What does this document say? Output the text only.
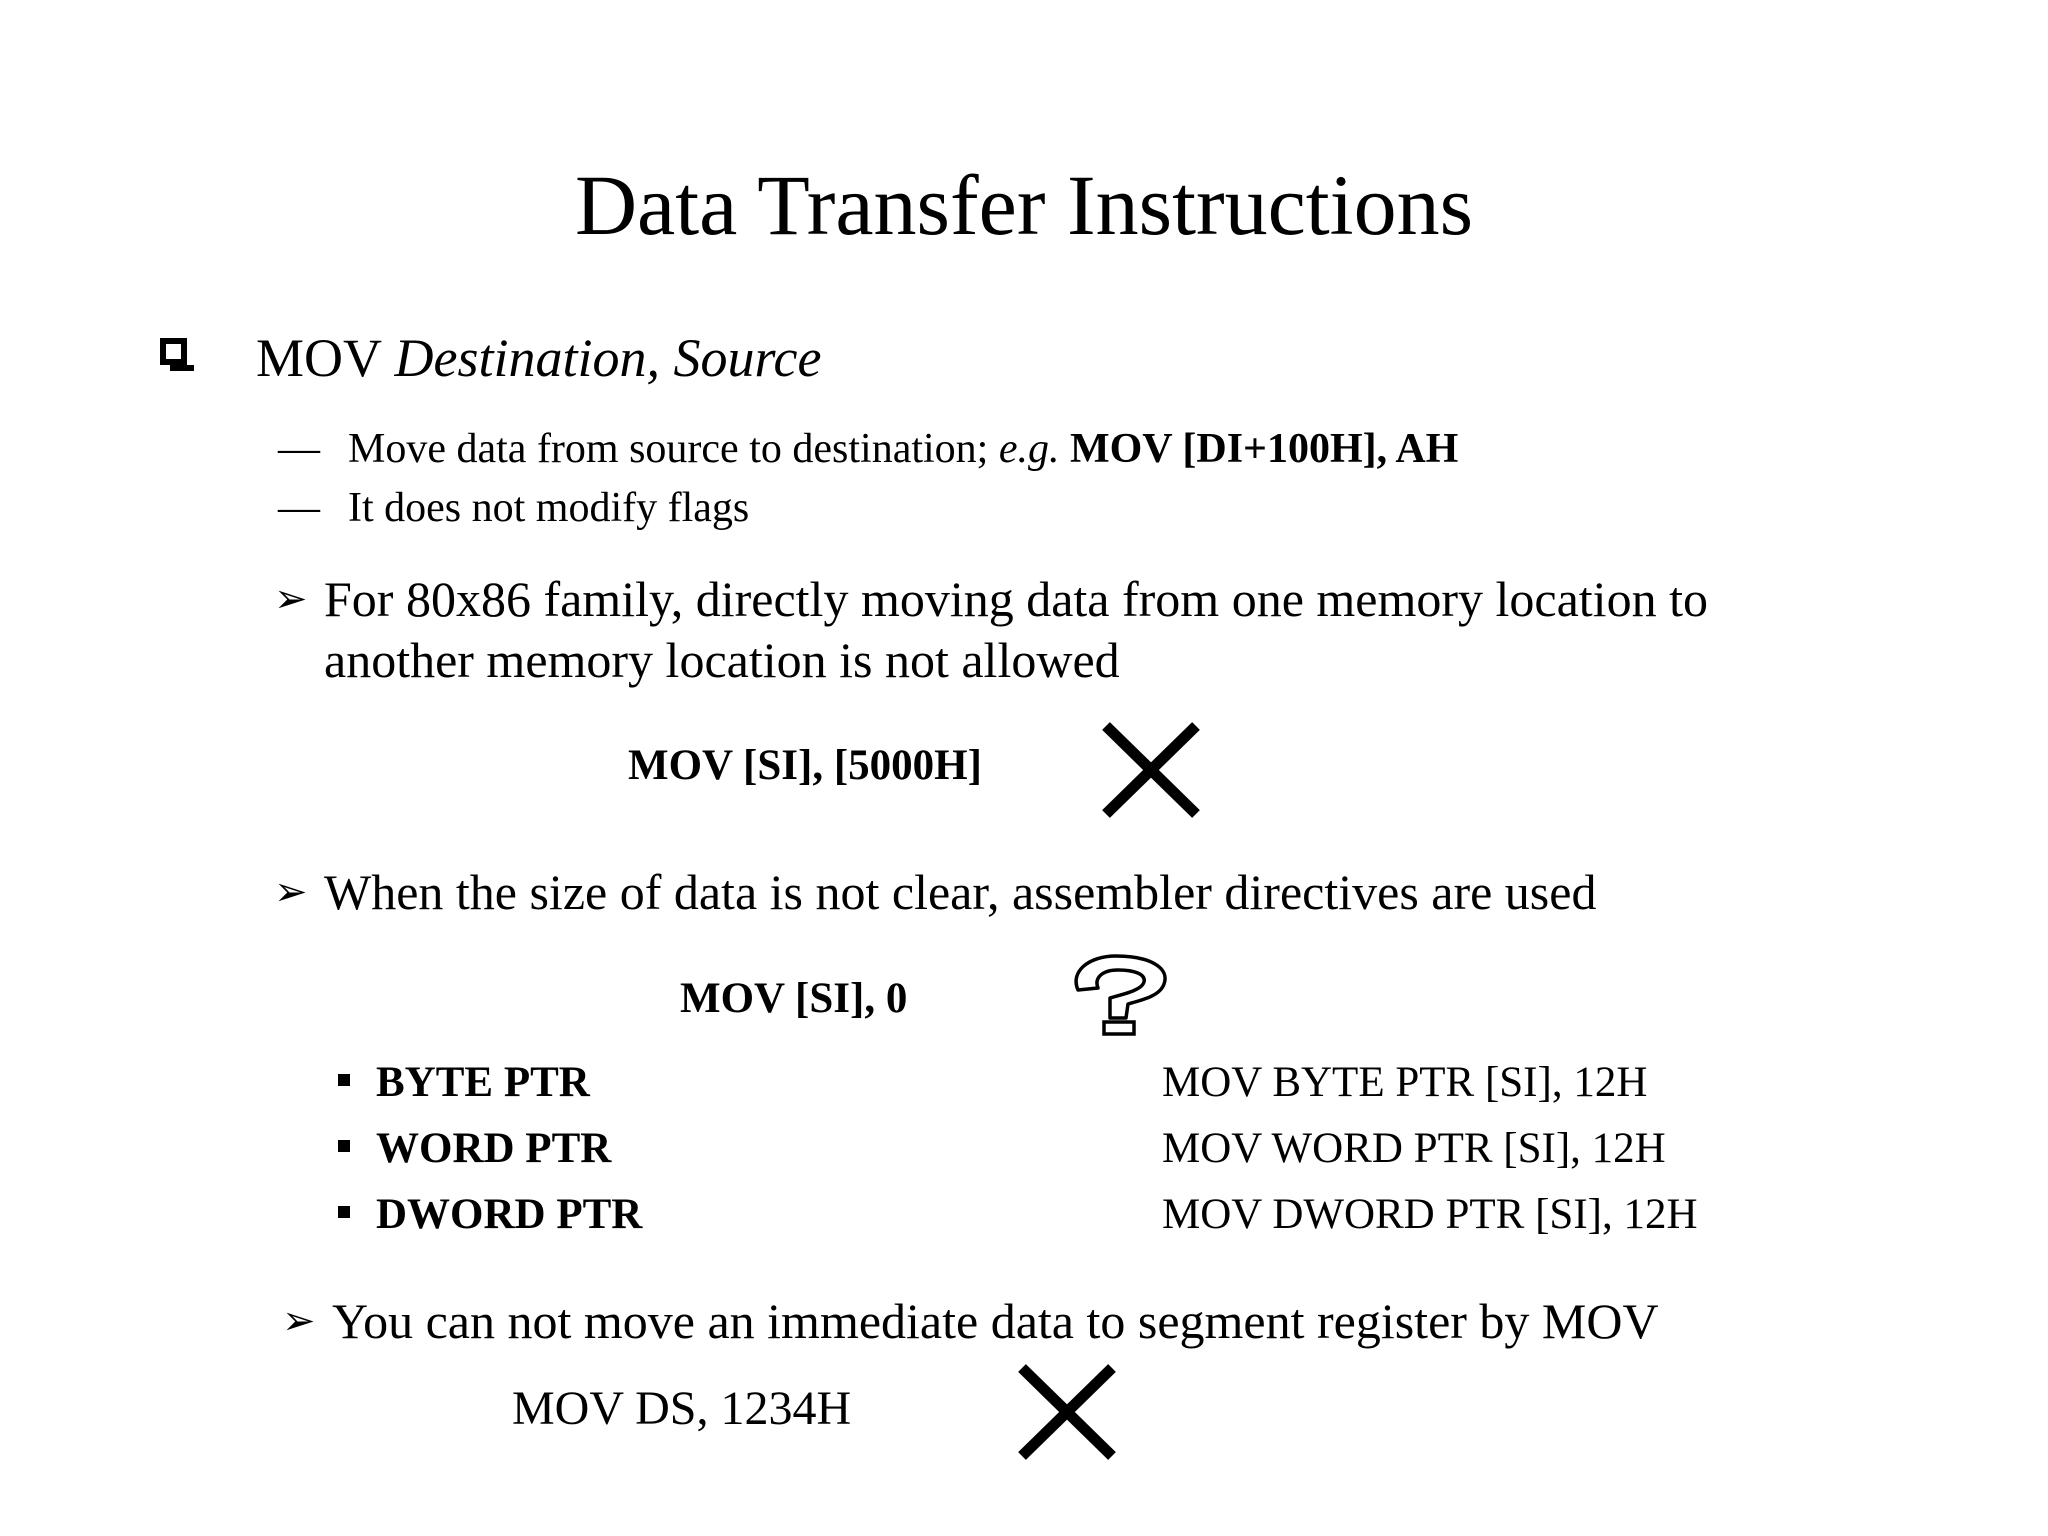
Data Transfer Instructions
MOV Destination, Source
— Move data from source to destination; e.g. MOV [DI+100H], AH
— It does not modify flags
➢ For 80x86 family, directly moving data from one memory location to
another memory location is not allowed
MOV [SI], [5000H]
➢ When the size of data is not clear, assembler directives are used
MOV [SI], 0
BYTE PTR	MOV BYTE PTR [SI], 12H
WORD PTR	MOV WORD PTR [SI], 12H
DWORD PTR	MOV DWORD PTR [SI], 12H
➢ You can not move an immediate data to segment register by MOV
MOV DS, 1234H
